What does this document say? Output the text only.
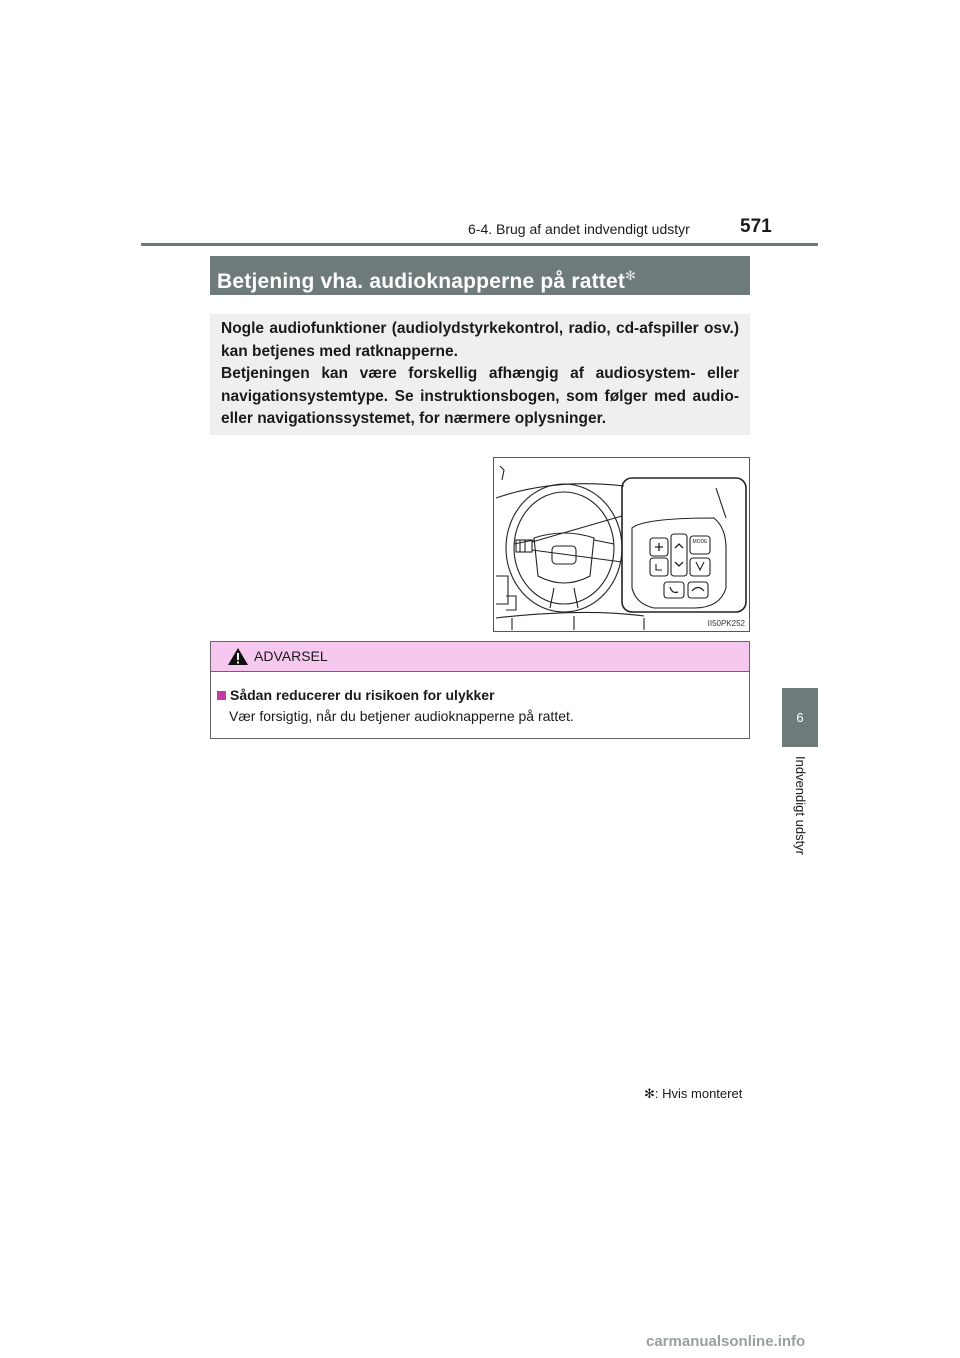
6-4. Brug af andet indvendigt udstyr	571
6
Indvendigt udstyr
Betjening vha. audioknapperne på rattet✻

Nogle audiofunktioner (audiolydstyrkekontrol, radio, cd-afspiller osv.) kan betjenes med ratknapperne.

Betjeningen kan være forskellig afhængig af audiosystem- eller navigationsystemtype. Se instruktionsbogen, som følger med audio- eller navigationssystemet, for nærmere oplysninger.

MODE
II50PK252
ADVARSEL
Sådan reducerer du risikoen for ulykker
Vær forsigtig, når du betjener audioknapperne på rattet.
✻: Hvis monteret
carmanualsonline.info
